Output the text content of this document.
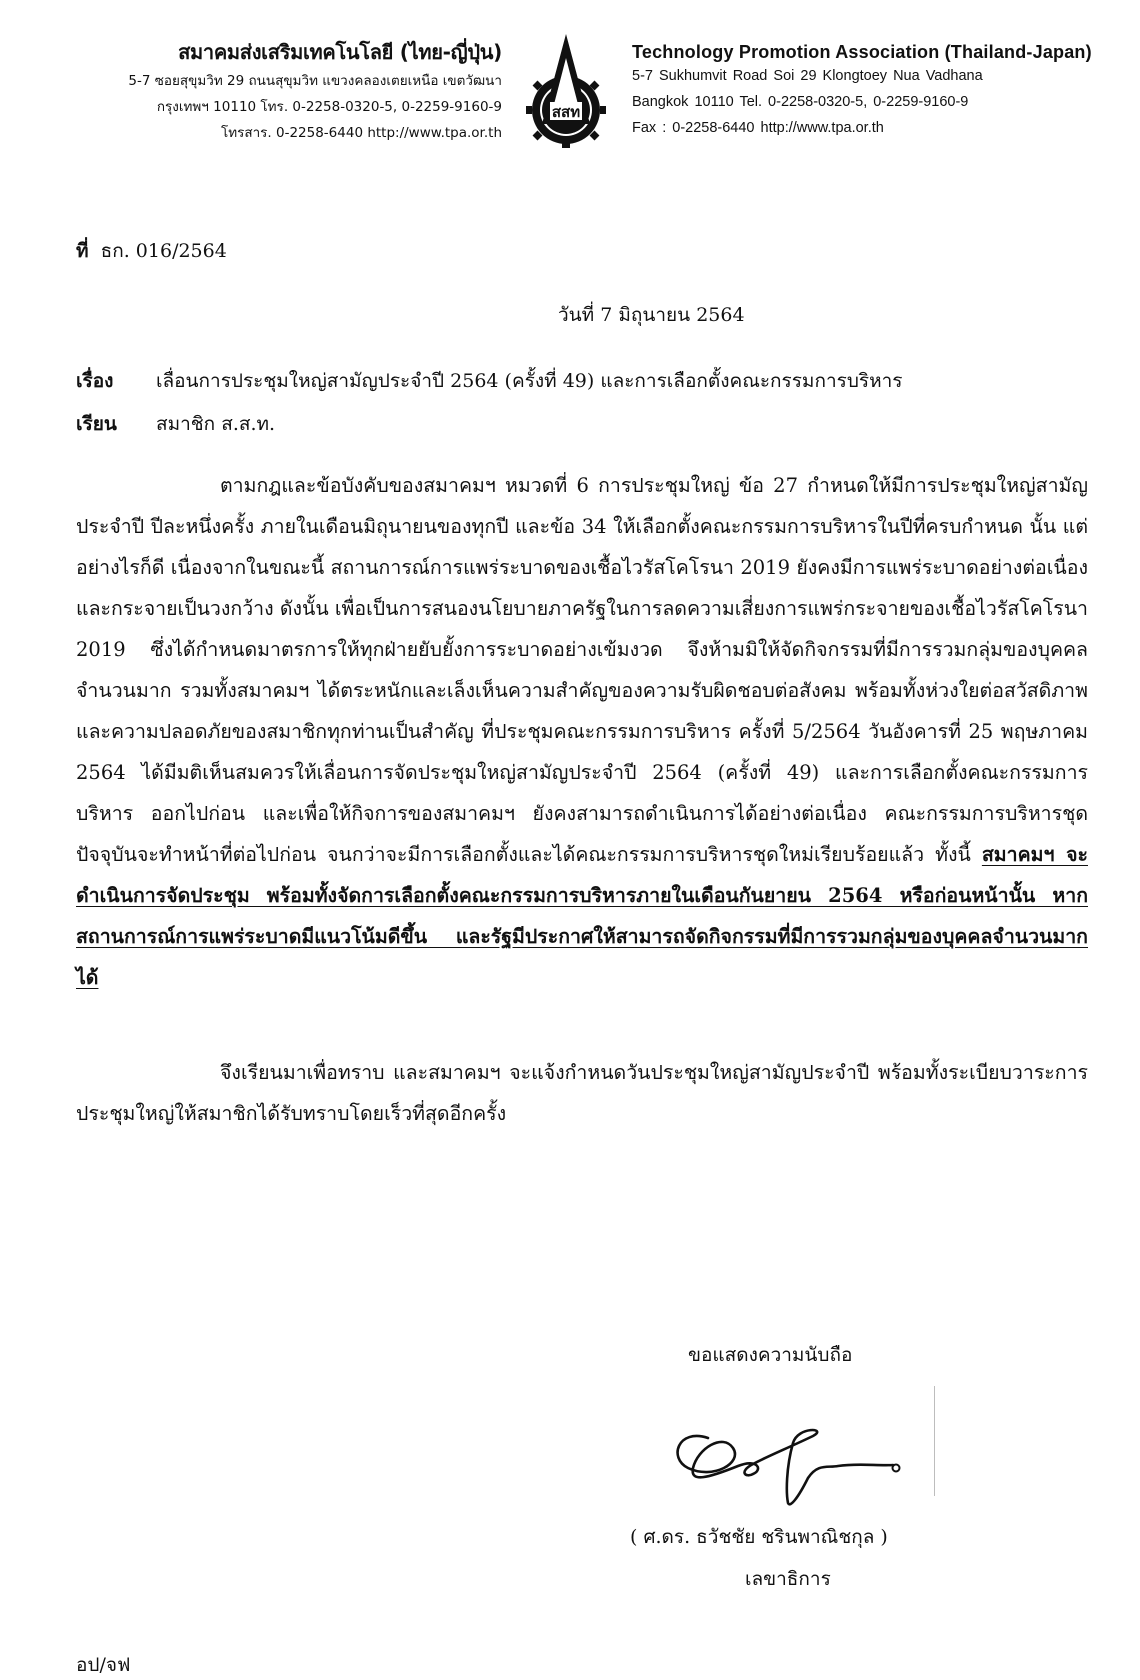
สมาคมส่งเสริมเทคโนโลยี (ไทย-ญี่ปุ่น)
5-7 ซอยสุขุมวิท 29 ถนนสุขุมวิท แขวงคลองเตยเหนือ เขตวัฒนา
กรุงเทพฯ 10110 โทร. 0-2258-0320-5, 0-2259-9160-9
โทรสาร. 0-2258-6440 http://www.tpa.or.th
สสท
Technology Promotion Association (Thailand-Japan)
5-7 Sukhumvit Road Soi 29 Klongtoey Nua Vadhana
Bangkok 10110 Tel. 0-2258-0320-5, 0-2259-9160-9
Fax : 0-2258-6440 http://www.tpa.or.th
ที่ ธก. 016/2564
วันที่ 7 มิถุนายน 2564
เรื่อง เลื่อนการประชุมใหญ่สามัญประจำปี 2564 (ครั้งที่ 49) และการเลือกตั้งคณะกรรมการบริหาร
เรียน สมาชิก ส.ส.ท.

ตามกฎและข้อบังคับของสมาคมฯ หมวดที่ 6 การประชุมใหญ่ ข้อ 27 กำหนดให้มีการประชุมใหญ่สามัญประจำปี ปีละหนึ่งครั้ง ภายในเดือนมิถุนายนของทุกปี และข้อ 34 ให้เลือกตั้งคณะกรรมการบริหารในปีที่ครบกำหนด นั้น แต่อย่างไรก็ดี เนื่องจากในขณะนี้ สถานการณ์การแพร่ระบาดของเชื้อไวรัสโคโรนา 2019 ยังคงมีการแพร่ระบาดอย่างต่อเนื่องและกระจายเป็นวงกว้าง ดังนั้น เพื่อเป็นการสนองนโยบายภาครัฐในการลดความเสี่ยงการแพร่กระจายของเชื้อไวรัสโคโรนา 2019 ซึ่งได้กำหนดมาตรการให้ทุกฝ่ายยับยั้งการระบาดอย่างเข้มงวด จึงห้ามมิให้จัดกิจกรรมที่มีการรวมกลุ่มของบุคคลจำนวนมาก รวมทั้งสมาคมฯ ได้ตระหนักและเล็งเห็นความสำคัญของความรับผิดชอบต่อสังคม พร้อมทั้งห่วงใยต่อสวัสดิภาพและความปลอดภัยของสมาชิกทุกท่านเป็นสำคัญ ที่ประชุมคณะกรรมการบริหาร ครั้งที่ 5/2564 วันอังคารที่ 25 พฤษภาคม 2564 ได้มีมติเห็นสมควรให้เลื่อนการจัดประชุมใหญ่สามัญประจำปี 2564 (ครั้งที่ 49) และการเลือกตั้งคณะกรรมการบริหาร ออกไปก่อน และเพื่อให้กิจการของสมาคมฯ ยังคงสามารถดำเนินการได้อย่างต่อเนื่อง คณะกรรมการบริหารชุดปัจจุบันจะทำหน้าที่ต่อไปก่อน จนกว่าจะมีการเลือกตั้งและได้คณะกรรมการบริหารชุดใหม่เรียบร้อยแล้ว ทั้งนี้ สมาคมฯ จะดำเนินการจัดประชุม พร้อมทั้งจัดการเลือกตั้งคณะกรรมการบริหารภายในเดือนกันยายน 2564 หรือก่อนหน้านั้น หากสถานการณ์การแพร่ระบาดมีแนวโน้มดีขึ้น และรัฐมีประกาศให้สามารถจัดกิจกรรมที่มีการรวมกลุ่มของบุคคลจำนวนมากได้

จึงเรียนมาเพื่อทราบ และสมาคมฯ จะแจ้งกำหนดวันประชุมใหญ่สามัญประจำปี พร้อมทั้งระเบียบวาระการประชุมใหญ่ให้สมาชิกได้รับทราบโดยเร็วที่สุดอีกครั้ง

ขอแสดงความนับถือ
( ศ.ดร. ธวัชชัย ชรินพาณิชกุล )
เลขาธิการ
อป/จฟ
